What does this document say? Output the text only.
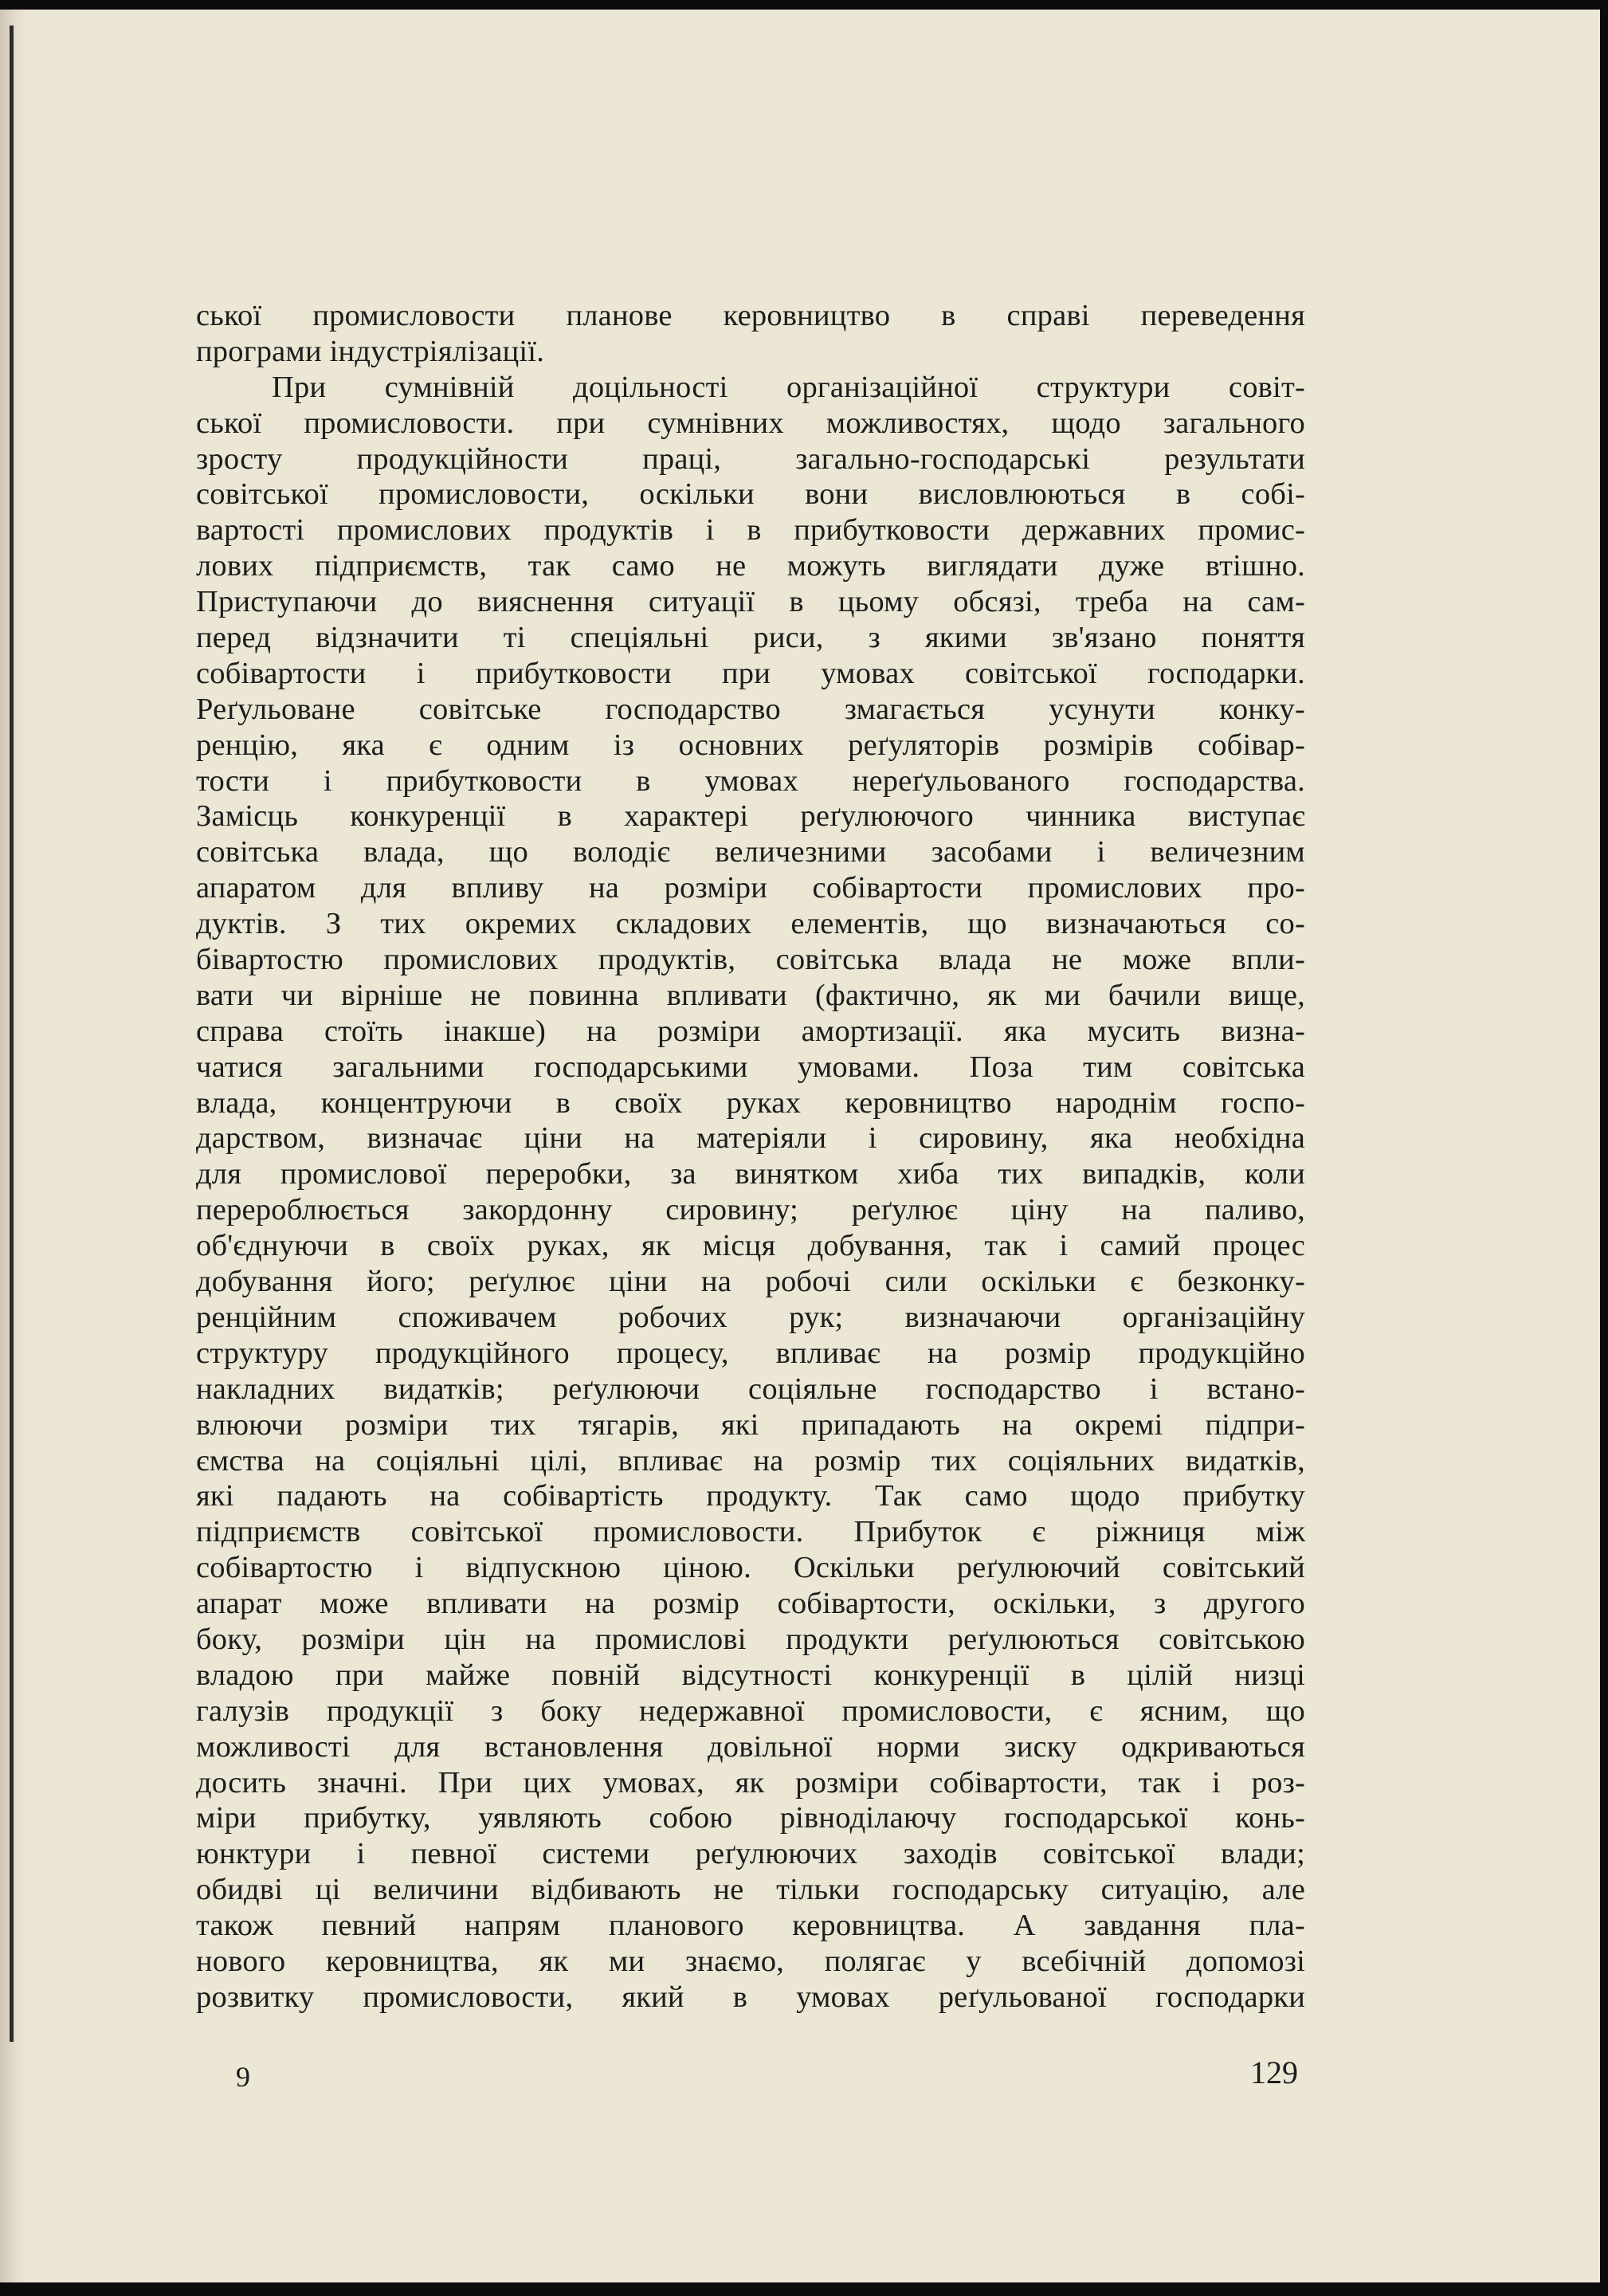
ської промисловости планове керовництво в справі переведення
програми індустріялізації.
При сумнівній доцільності організаційної структури совіт-
ської промисловости. при сумнівних можливостях, щодо загального
зросту продукційности праці, загально-господарські результати
совітської промисловости, оскільки вони висловлюються в собі-
вартості промислових продуктів і в прибутковости державних промис-
лових підприємств, так само не можуть виглядати дуже втішно.
Приступаючи до вияснення ситуації в цьому обсязі, треба на сам-
перед відзначити ті спеціяльні риси, з якими зв'язано поняття
собівартости і прибутковости при умовах совітської господарки.
Реґульоване совітське господарство змагається усунути конку-
ренцію, яка є одним із основних реґуляторів розмірів собівар-
тости і прибутковости в умовах нереґульованого господарства.
Замісць конкуренції в характері реґулюючого чинника виступає
совітська влада, що володіє величезними засобами і величезним
апаратом для впливу на розміри собівартости промислових про-
дуктів. З тих окремих складових елементів, що визначаються со-
бівартостю промислових продуктів, совітська влада не може впли-
вати чи вірніше не повинна впливати (фактично, як ми бачили вище,
справа стоїть інакше) на розміри амортизації. яка мусить визна-
чатися загальними господарськими умовами. Поза тим совітська
влада, концентруючи в своїх руках керовництво народнім госпо-
дарством, визначає ціни на матеріяли і сировину, яка необхідна
для промислової переробки, за винятком хиба тих випадків, коли
перероблюється закордонну сировину; реґулює ціну на паливо,
об'єднуючи в своїх руках, як місця добування, так і самий процес
добування його; реґулює ціни на робочі сили оскільки є безконку-
ренційним споживачем робочих рук; визначаючи організаційну
структуру продукційного процесу, впливає на розмір продукційно
накладних видатків; реґулюючи соціяльне господарство і встано-
влюючи розміри тих тягарів, які припадають на окремі підпри-
ємства на соціяльні цілі, впливає на розмір тих соціяльних видатків,
які падають на собівартість продукту. Так само щодо прибутку
підприємств совітської промисловости. Прибуток є ріжниця між
собівартостю і відпускною ціною. Оскільки реґулюючий совітський
апарат може впливати на розмір собівартости, оскільки, з другого
боку, розміри цін на промислові продукти реґулюються совітською
владою при майже повній відсутності конкуренції в цілій низці
галузів продукції з боку недержавної промисловости, є ясним, що
можливості для встановлення довільної норми зиску одкриваються
досить значні. При цих умовах, як розміри собівартости, так і роз-
міри прибутку, уявляють собою рівноділаючу господарської конь-
юнктури і певної системи реґулюючих заходів совітської влади;
обидві ці величини відбивають не тільки господарську ситуацію, але
також певний напрям планового керовництва. А завдання пла-
нового керовництва, як ми знаємо, полягає у всебічній допомозі
розвитку промисловости, який в умовах реґульованої господарки
9	129
